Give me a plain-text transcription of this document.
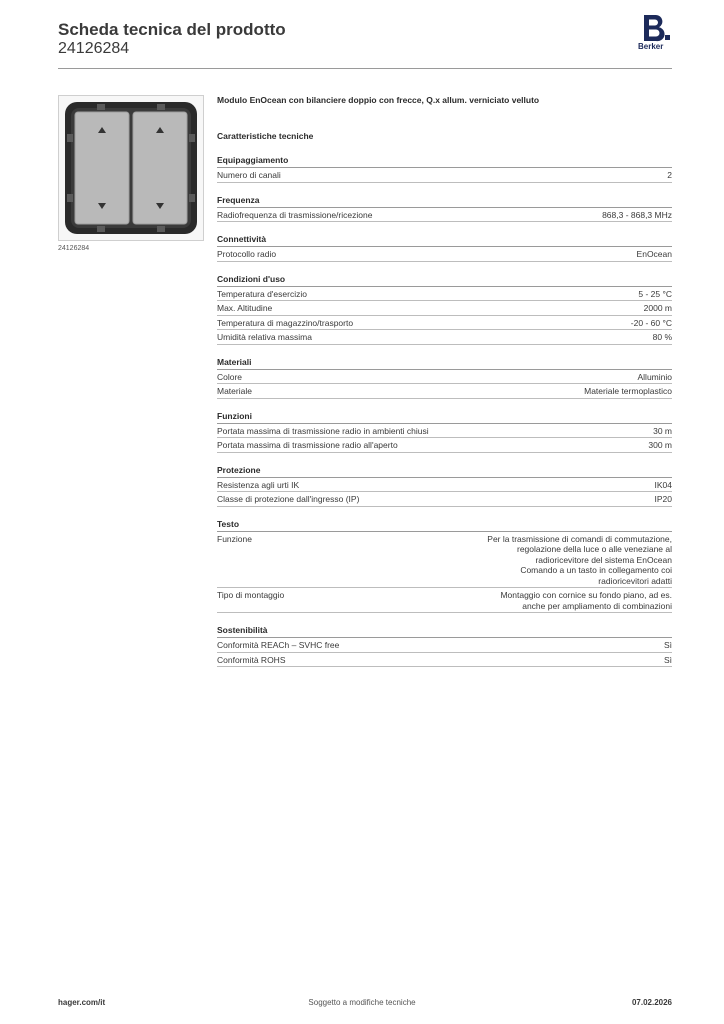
Scheda tecnica del prodotto
24126284	Berker
24126284
Modulo EnOcean con bilanciere doppio con frecce, Q.x allum. verniciato velluto
Caratteristiche tecniche
Equipaggiamento
Numero di canali	2
Frequenza
Radiofrequenza di trasmissione/ricezione	868,3 - 868,3 MHz
Connettività
Protocollo radio	EnOcean
Condizioni d'uso
Temperatura d'esercizio	5 - 25 °C
Max. Altitudine	2000 m
Temperatura di magazzino/trasporto	-20 - 60 °C
Umidità relativa massima	80 %
Materiali
Colore	Alluminio
Materiale	Materiale termoplastico
Funzioni
Portata massima di trasmissione radio in ambienti chiusi	30 m
Portata massima di trasmissione radio all'aperto	300 m
Protezione
Resistenza agli urti IK	IK04
Classe di protezione dall'ingresso (IP)	IP20
Testo
Funzione	Per la trasmissione di comandi di commutazione,
regolazione della luce o alle veneziane al
radioricevitore del sistema EnOcean
Comando a un tasto in collegamento coi
radioricevitori adatti
Tipo di montaggio	Montaggio con cornice su fondo piano, ad es.
anche per ampliamento di combinazioni
Sostenibilità
Conformità REACh – SVHC free	Sì
Conformità ROHS	Sì
hager.com/it	Soggetto a modifiche tecniche	07.02.2026
